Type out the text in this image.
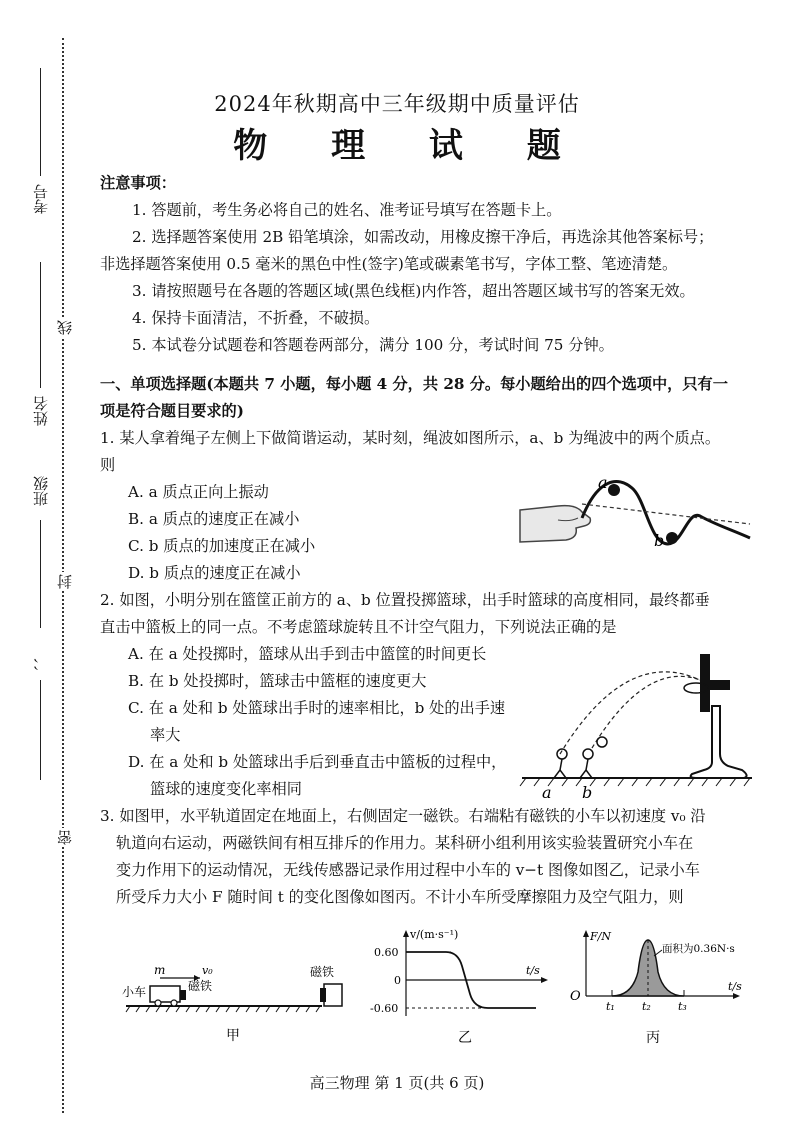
考号
姓名
班级
、、
线
封
密
2024年秋期高中三年级期中质量评估
物 理 试 题

注意事项：

1. 答题前，考生务必将自己的姓名、准考证号填写在答题卡上。

2. 选择题答案使用 2B 铅笔填涂，如需改动，用橡皮擦干净后，再选涂其他答案标号；

非选择题答案使用 0.5 毫米的黑色中性(签字)笔或碳素笔书写，字体工整、笔迹清楚。

3. 请按照题号在各题的答题区域(黑色线框)内作答，超出答题区域书写的答案无效。

4. 保持卡面清洁，不折叠，不破损。

5. 本试卷分试题卷和答题卷两部分，满分 100 分，考试时间 75 分钟。

一、单项选择题(本题共 7 小题，每小题 4 分，共 28 分。每小题给出的四个选项中，只有一

项是符合题目要求的)

1. 某人拿着绳子左侧上下做简谐运动，某时刻，绳波如图所示，a、b 为绳波中的两个质点。

则

A. a 质点正向上振动

B. a 质点的速度正在减小

C. b 质点的加速度正在减小

D. b 质点的速度正在减小

2. 如图，小明分别在篮筐正前方的 a、b 位置投掷篮球，出手时篮球的高度相同，最终都垂

直击中篮板上的同一点。不考虑篮球旋转且不计空气阻力，下列说法正确的是

A. 在 a 处投掷时，篮球从出手到击中篮筐的时间更长

B. 在 b 处投掷时，篮球击中篮框的速度更大

C. 在 a 处和 b 处篮球出手时的速率相比，b 处的出手速

率大

D. 在 a 处和 b 处篮球出手后到垂直击中篮板的过程中，

篮球的速度变化率相同

3. 如图甲，水平轨道固定在地面上，右侧固定一磁铁。右端粘有磁铁的小车以初速度 v₀ 沿

轨道向右运动，两磁铁间有相互排斥的作用力。某科研小组利用该实验装置研究小车在

变力作用下的运动情况，无线传感器记录作用过程中小车的 v−t 图像如图乙，记录小车

所受斥力大小 F 随时间 t 的变化图像如图丙。不计小车所受摩擦阻力及空气阻力，则

a
b
a b
m	v₀
小车	磁铁
磁铁
甲
v/(m·s⁻¹)
t/s
0.60
0
-0.60
乙
面积为0.36N·s
F/N
t/s
O
t₁ t₂ t₃
丙
高三物理 第 1 页(共 6 页)
